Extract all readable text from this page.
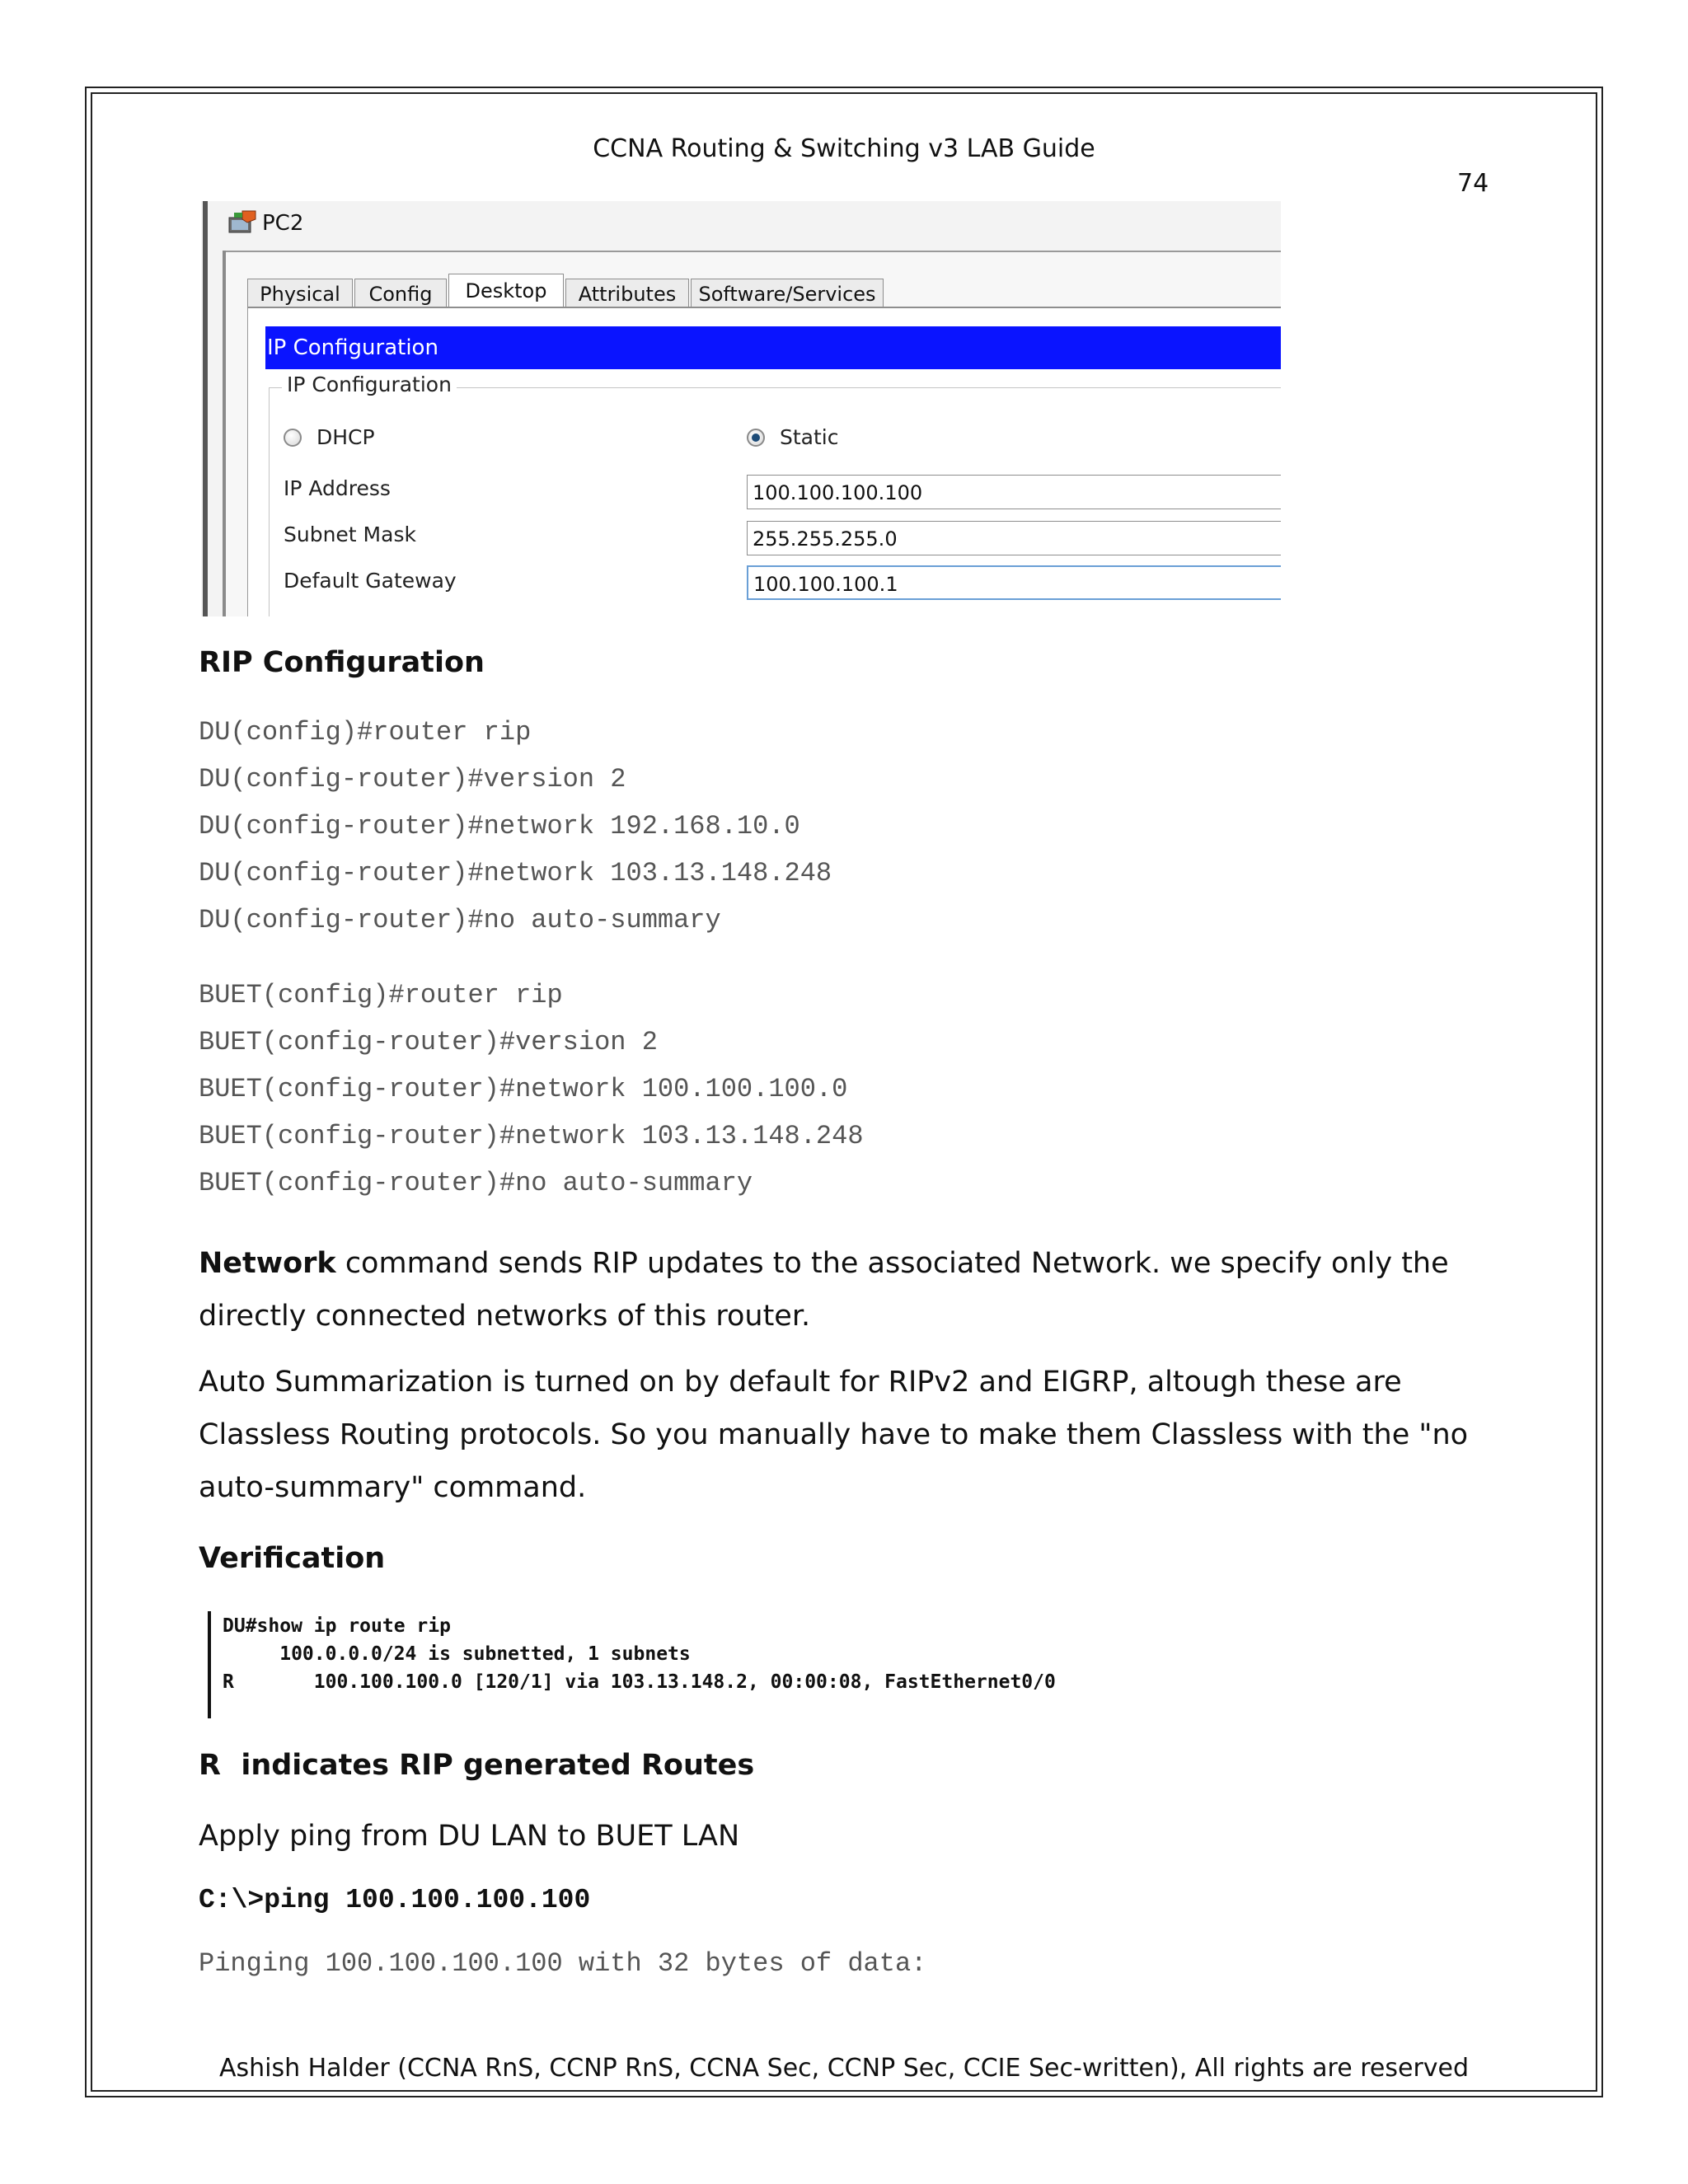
CCNA Routing & Switching v3 LAB Guide
74
PC2
Physical	Config	Desktop	Attributes	Software/Services
IP Configuration
IP Configuration
DHCP	Static
IP Address	100.100.100.100
Subnet Mask	255.255.255.0
Default Gateway	100.100.100.1
RIP Configuration
DU(config)#router rip
DU(config-router)#version 2
DU(config-router)#network 192.168.10.0
DU(config-router)#network 103.13.148.248
DU(config-router)#no auto-summary
BUET(config)#router rip
BUET(config-router)#version 2
BUET(config-router)#network 100.100.100.0
BUET(config-router)#network 103.13.148.248
BUET(config-router)#no auto-summary

Network command sends RIP updates to the associated Network. we specify only the directly connected networks of this router.

Auto Summarization is turned on by default for RIPv2 and EIGRP, altough these are Classless Routing protocols. So you manually have to make them Classless with the "no auto-summary" command.

Verification
DU#show ip route rip
100.0.0.0/24 is subnetted, 1 subnets
R       100.100.100.0 [120/1] via 103.13.148.2, 00:00:08, FastEthernet0/0
R  indicates RIP generated Routes
Apply ping from DU LAN to BUET LAN
C:\>ping 100.100.100.100
Pinging 100.100.100.100 with 32 bytes of data:
Ashish Halder (CCNA RnS, CCNP RnS, CCNA Sec, CCNP Sec, CCIE Sec-written), All rights are reserved
